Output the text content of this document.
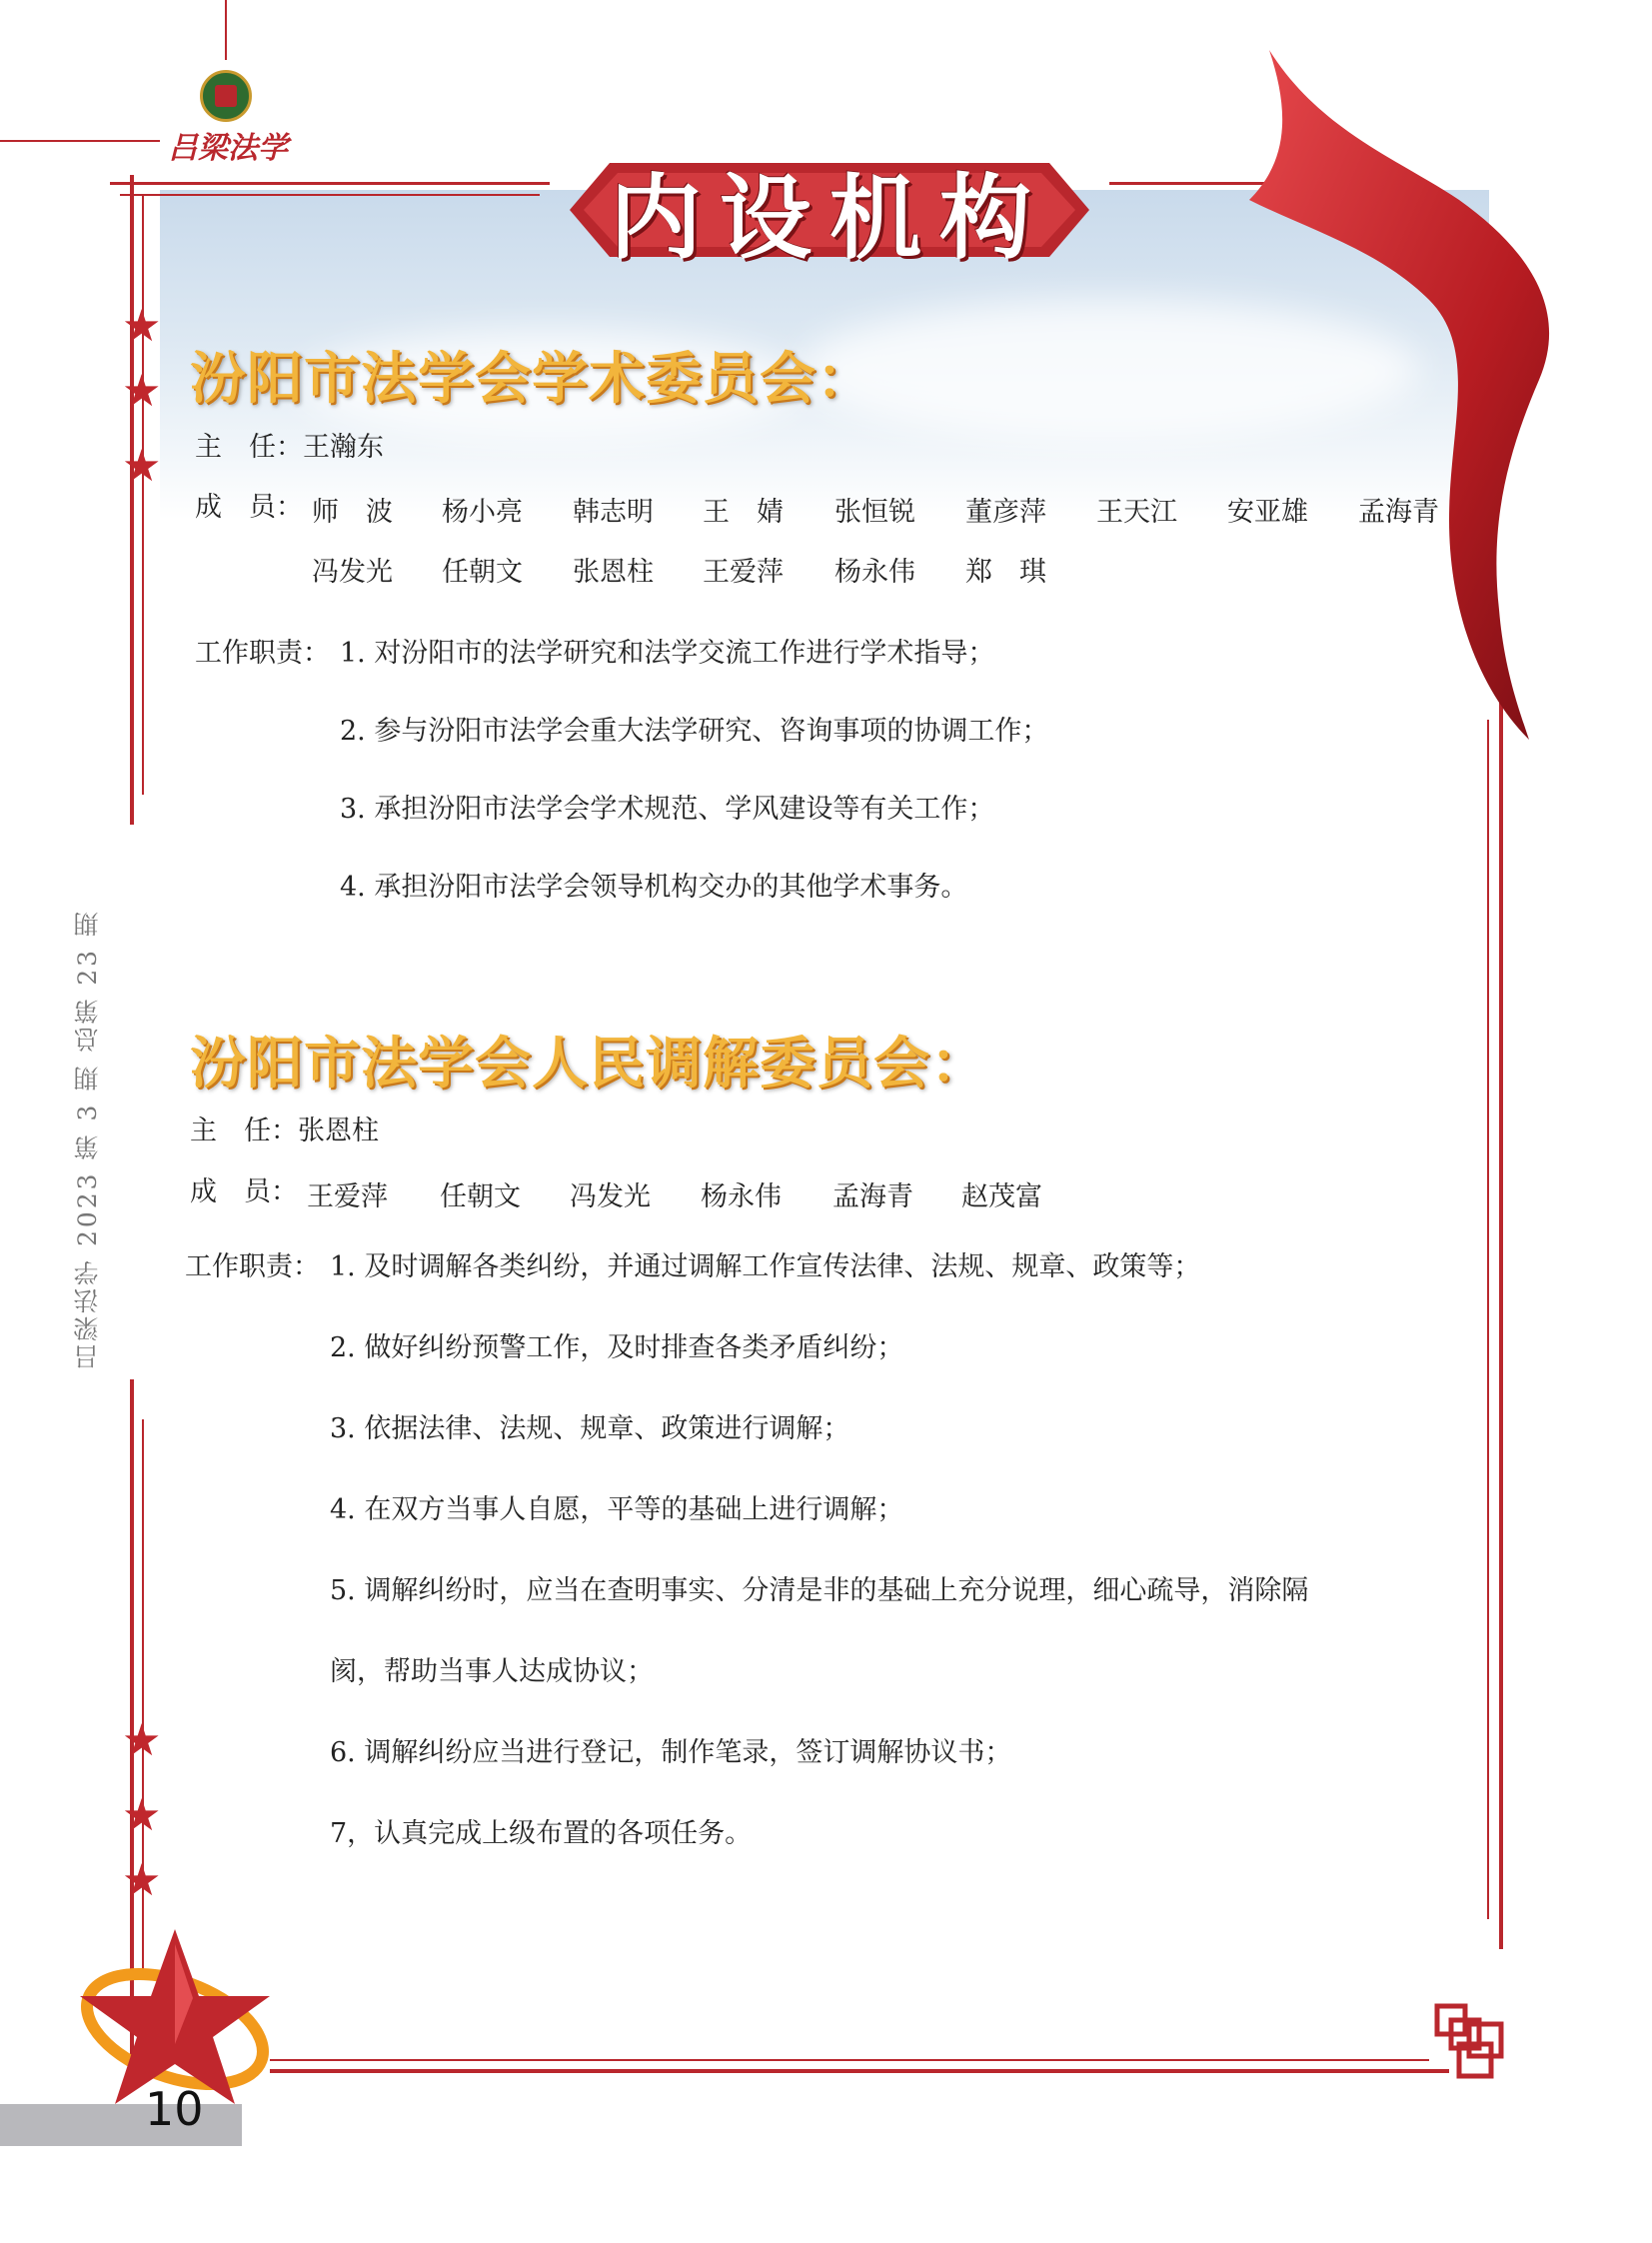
吕梁法学
★
★
★
★
★
★
内设机构
吕梁法学 2023 第 3 期 总第 23 期
汾阳市法学会学术委员会：
主　任：王瀚东
成　员： 师　波 杨小亮 韩志明 王　婧 张恒锐 董彦萍 王天江 安亚雄 孟海青
冯发光 任朝文 张恩柱 王爱萍 杨永伟 郑　琪
工作职责： 1. 对汾阳市的法学研究和法学交流工作进行学术指导；
2. 参与汾阳市法学会重大法学研究、咨询事项的协调工作；
3. 承担汾阳市法学会学术规范、学风建设等有关工作；
4. 承担汾阳市法学会领导机构交办的其他学术事务。
汾阳市法学会人民调解委员会：
主　任：张恩柱
成　员： 王爱萍 任朝文 冯发光 杨永伟 孟海青 赵茂富
工作职责： 1. 及时调解各类纠纷，并通过调解工作宣传法律、法规、规章、政策等；
2. 做好纠纷预警工作，及时排查各类矛盾纠纷；
3. 依据法律、法规、规章、政策进行调解；
4. 在双方当事人自愿，平等的基础上进行调解；
5. 调解纠纷时，应当在查明事实、分清是非的基础上充分说理，细心疏导，消除隔
阂，帮助当事人达成协议；
6. 调解纠纷应当进行登记，制作笔录，签订调解协议书；
7，认真完成上级布置的各项任务。
10
